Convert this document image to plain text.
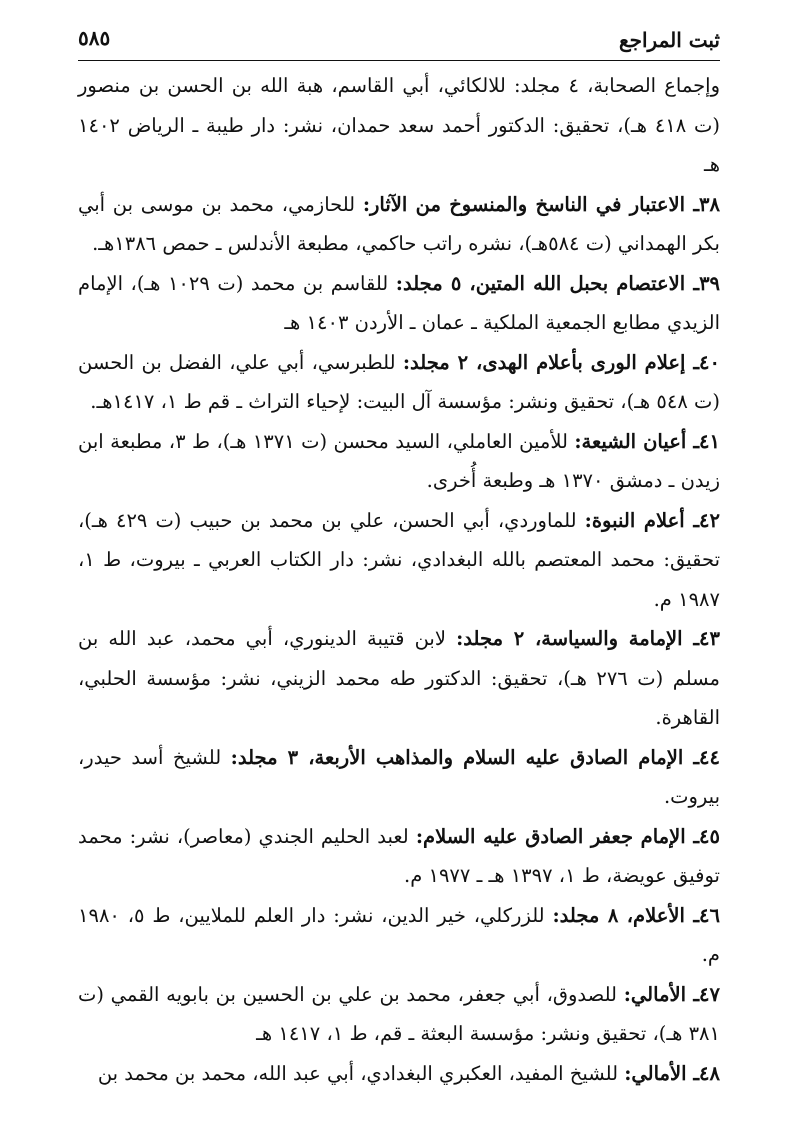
ثبت المراجع
٥٨٥

وإجماع الصحابة، ٤ مجلد: للالكائي، أبي القاسم، هبة الله بن الحسن بن منصور (ت ٤١٨ هـ)، تحقيق: الدكتور أحمد سعد حمدان، نشر: دار طيبة ـ الرياض ١٤٠٢ هـ

٣٨ـ الاعتبار في الناسخ والمنسوخ من الآثار: للحازمي، محمد بن موسى بن أبي بكر الهمداني (ت ٥٨٤هـ)، نشره راتب حاكمي، مطبعة الأندلس ـ حمص ١٣٨٦هـ.

٣٩ـ الاعتصام بحبل الله المتين، ٥ مجلد: للقاسم بن محمد (ت ١٠٢٩ هـ)، الإمام الزيدي مطابع الجمعية الملكية ـ عمان ـ الأردن ١٤٠٣ هـ

٤٠ـ إعلام الورى بأعلام الهدى، ٢ مجلد: للطبرسي، أبي علي، الفضل بن الحسن (ت ٥٤٨ هـ)، تحقيق ونشر: مؤسسة آل البيت: لإحياء التراث ـ قم ط ١، ١٤١٧هـ.

٤١ـ أعيان الشيعة: للأمين العاملي، السيد محسن (ت ١٣٧١ هـ)، ط ٣، مطبعة ابن زيدن ـ دمشق ١٣٧٠ هـ وطبعة أُخرى.

٤٢ـ أعلام النبوة: للماوردي، أبي الحسن، علي بن محمد بن حبيب (ت ٤٢٩ هـ)، تحقيق: محمد المعتصم بالله البغدادي، نشر: دار الكتاب العربي ـ بيروت، ط ١، ١٩٨٧ م.

٤٣ـ الإمامة والسياسة، ٢ مجلد: لابن قتيبة الدينوري، أبي محمد، عبد الله بن مسلم (ت ٢٧٦ هـ)، تحقيق: الدكتور طه محمد الزيني، نشر: مؤسسة الحلبي، القاهرة.

٤٤ـ الإمام الصادق عليه السلام والمذاهب الأربعة، ٣ مجلد: للشيخ أسد حيدر، بيروت.

٤٥ـ الإمام جعفر الصادق عليه السلام: لعبد الحليم الجندي (معاصر)، نشر: محمد توفيق عويضة، ط ١، ١٣٩٧ هـ ـ ١٩٧٧ م.

٤٦ـ الأعلام، ٨ مجلد: للزركلي، خير الدين، نشر: دار العلم للملايين، ط ٥، ١٩٨٠ م.

٤٧ـ الأمالي: للصدوق، أبي جعفر، محمد بن علي بن الحسين بن بابويه القمي (ت ٣٨١ هـ)، تحقيق ونشر: مؤسسة البعثة ـ قم، ط ١، ١٤١٧ هـ

٤٨ـ الأمالي: للشيخ المفيد، العكبري البغدادي، أبي عبد الله، محمد بن محمد بن
